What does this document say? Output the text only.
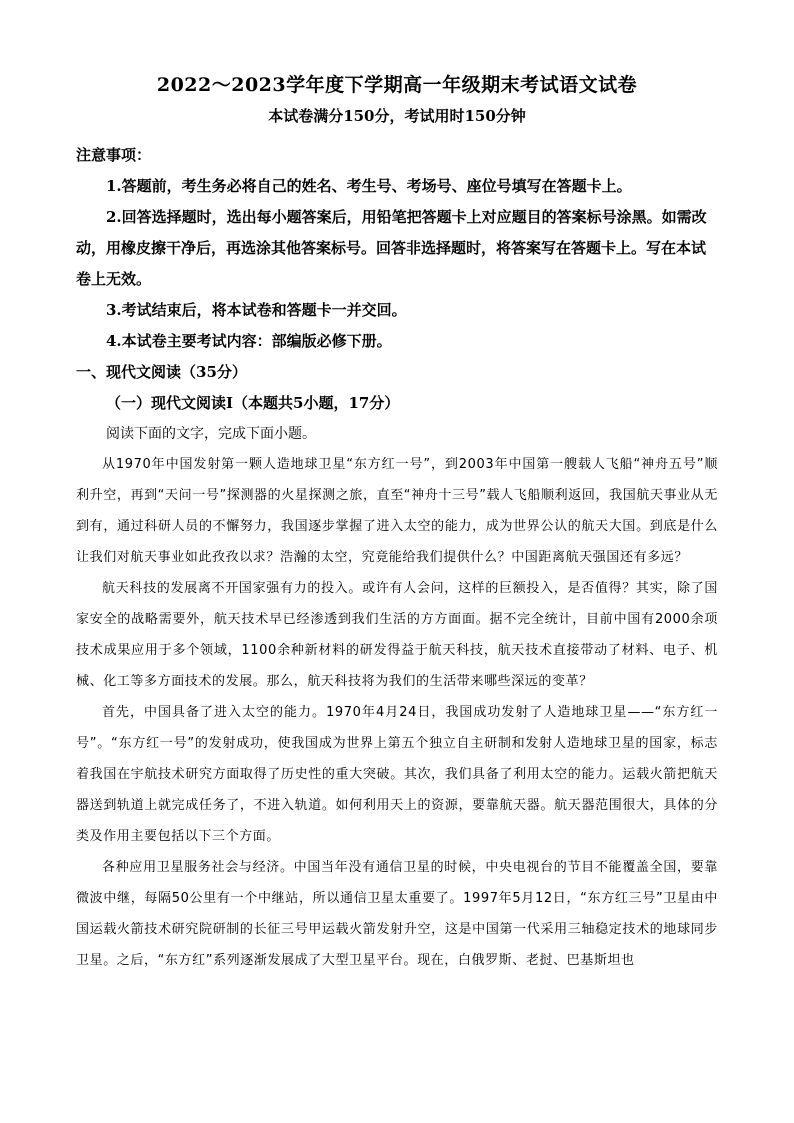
2022～2023学年度下学期高一年级期末考试语文试卷
本试卷满分150分，考试用时150分钟

注意事项：

1.答题前，考生务必将自己的姓名、考生号、考场号、座位号填写在答题卡上。

2.回答选择题时，选出每小题答案后，用铅笔把答题卡上对应题目的答案标号涂黑。如需改动，用橡皮擦干净后，再选涂其他答案标号。回答非选择题时，将答案写在答题卡上。写在本试卷上无效。

3.考试结束后，将本试卷和答题卡一并交回。

4.本试卷主要考试内容：部编版必修下册。

一、现代文阅读（35分）

（一）现代文阅读Ⅰ（本题共5小题，17分）

阅读下面的文字，完成下面小题。

从1970年中国发射第一颗人造地球卫星“东方红一号”，到2003年中国第一艘载人飞船“神舟五号”顺利升空，再到“天问一号”探测器的火星探测之旅，直至“神舟十三号”载人飞船顺利返回，我国航天事业从无到有，通过科研人员的不懈努力，我国逐步掌握了进入太空的能力，成为世界公认的航天大国。到底是什么让我们对航天事业如此孜孜以求？浩瀚的太空，究竟能给我们提供什么？中国距离航天强国还有多远？

航天科技的发展离不开国家强有力的投入。或许有人会问，这样的巨额投入，是否值得？其实，除了国家安全的战略需要外，航天技术早已经渗透到我们生活的方方面面。据不完全统计，目前中国有2000余项技术成果应用于多个领域，1100余种新材料的研发得益于航天科技，航天技术直接带动了材料、电子、机械、化工等多方面技术的发展。那么，航天科技将为我们的生活带来哪些深远的变革？

首先，中国具备了进入太空的能力。1970年4月24日，我国成功发射了人造地球卫星——“东方红一号”。“东方红一号”的发射成功，使我国成为世界上第五个独立自主研制和发射人造地球卫星的国家，标志着我国在宇航技术研究方面取得了历史性的重大突破。其次，我们具备了利用太空的能力。运载火箭把航天器送到轨道上就完成任务了，不进入轨道。如何利用天上的资源，要靠航天器。航天器范围很大，具体的分类及作用主要包括以下三个方面。

各种应用卫星服务社会与经济。中国当年没有通信卫星的时候，中央电视台的节目不能覆盖全国，要靠微波中继，每隔50公里有一个中继站，所以通信卫星太重要了。1997年5月12日，“东方红三号”卫星由中国运载火箭技术研究院研制的长征三号甲运载火箭发射升空，这是中国第一代采用三轴稳定技术的地球同步卫星。之后，“东方红”系列逐渐发展成了大型卫星平台。现在，白俄罗斯、老挝、巴基斯坦也
